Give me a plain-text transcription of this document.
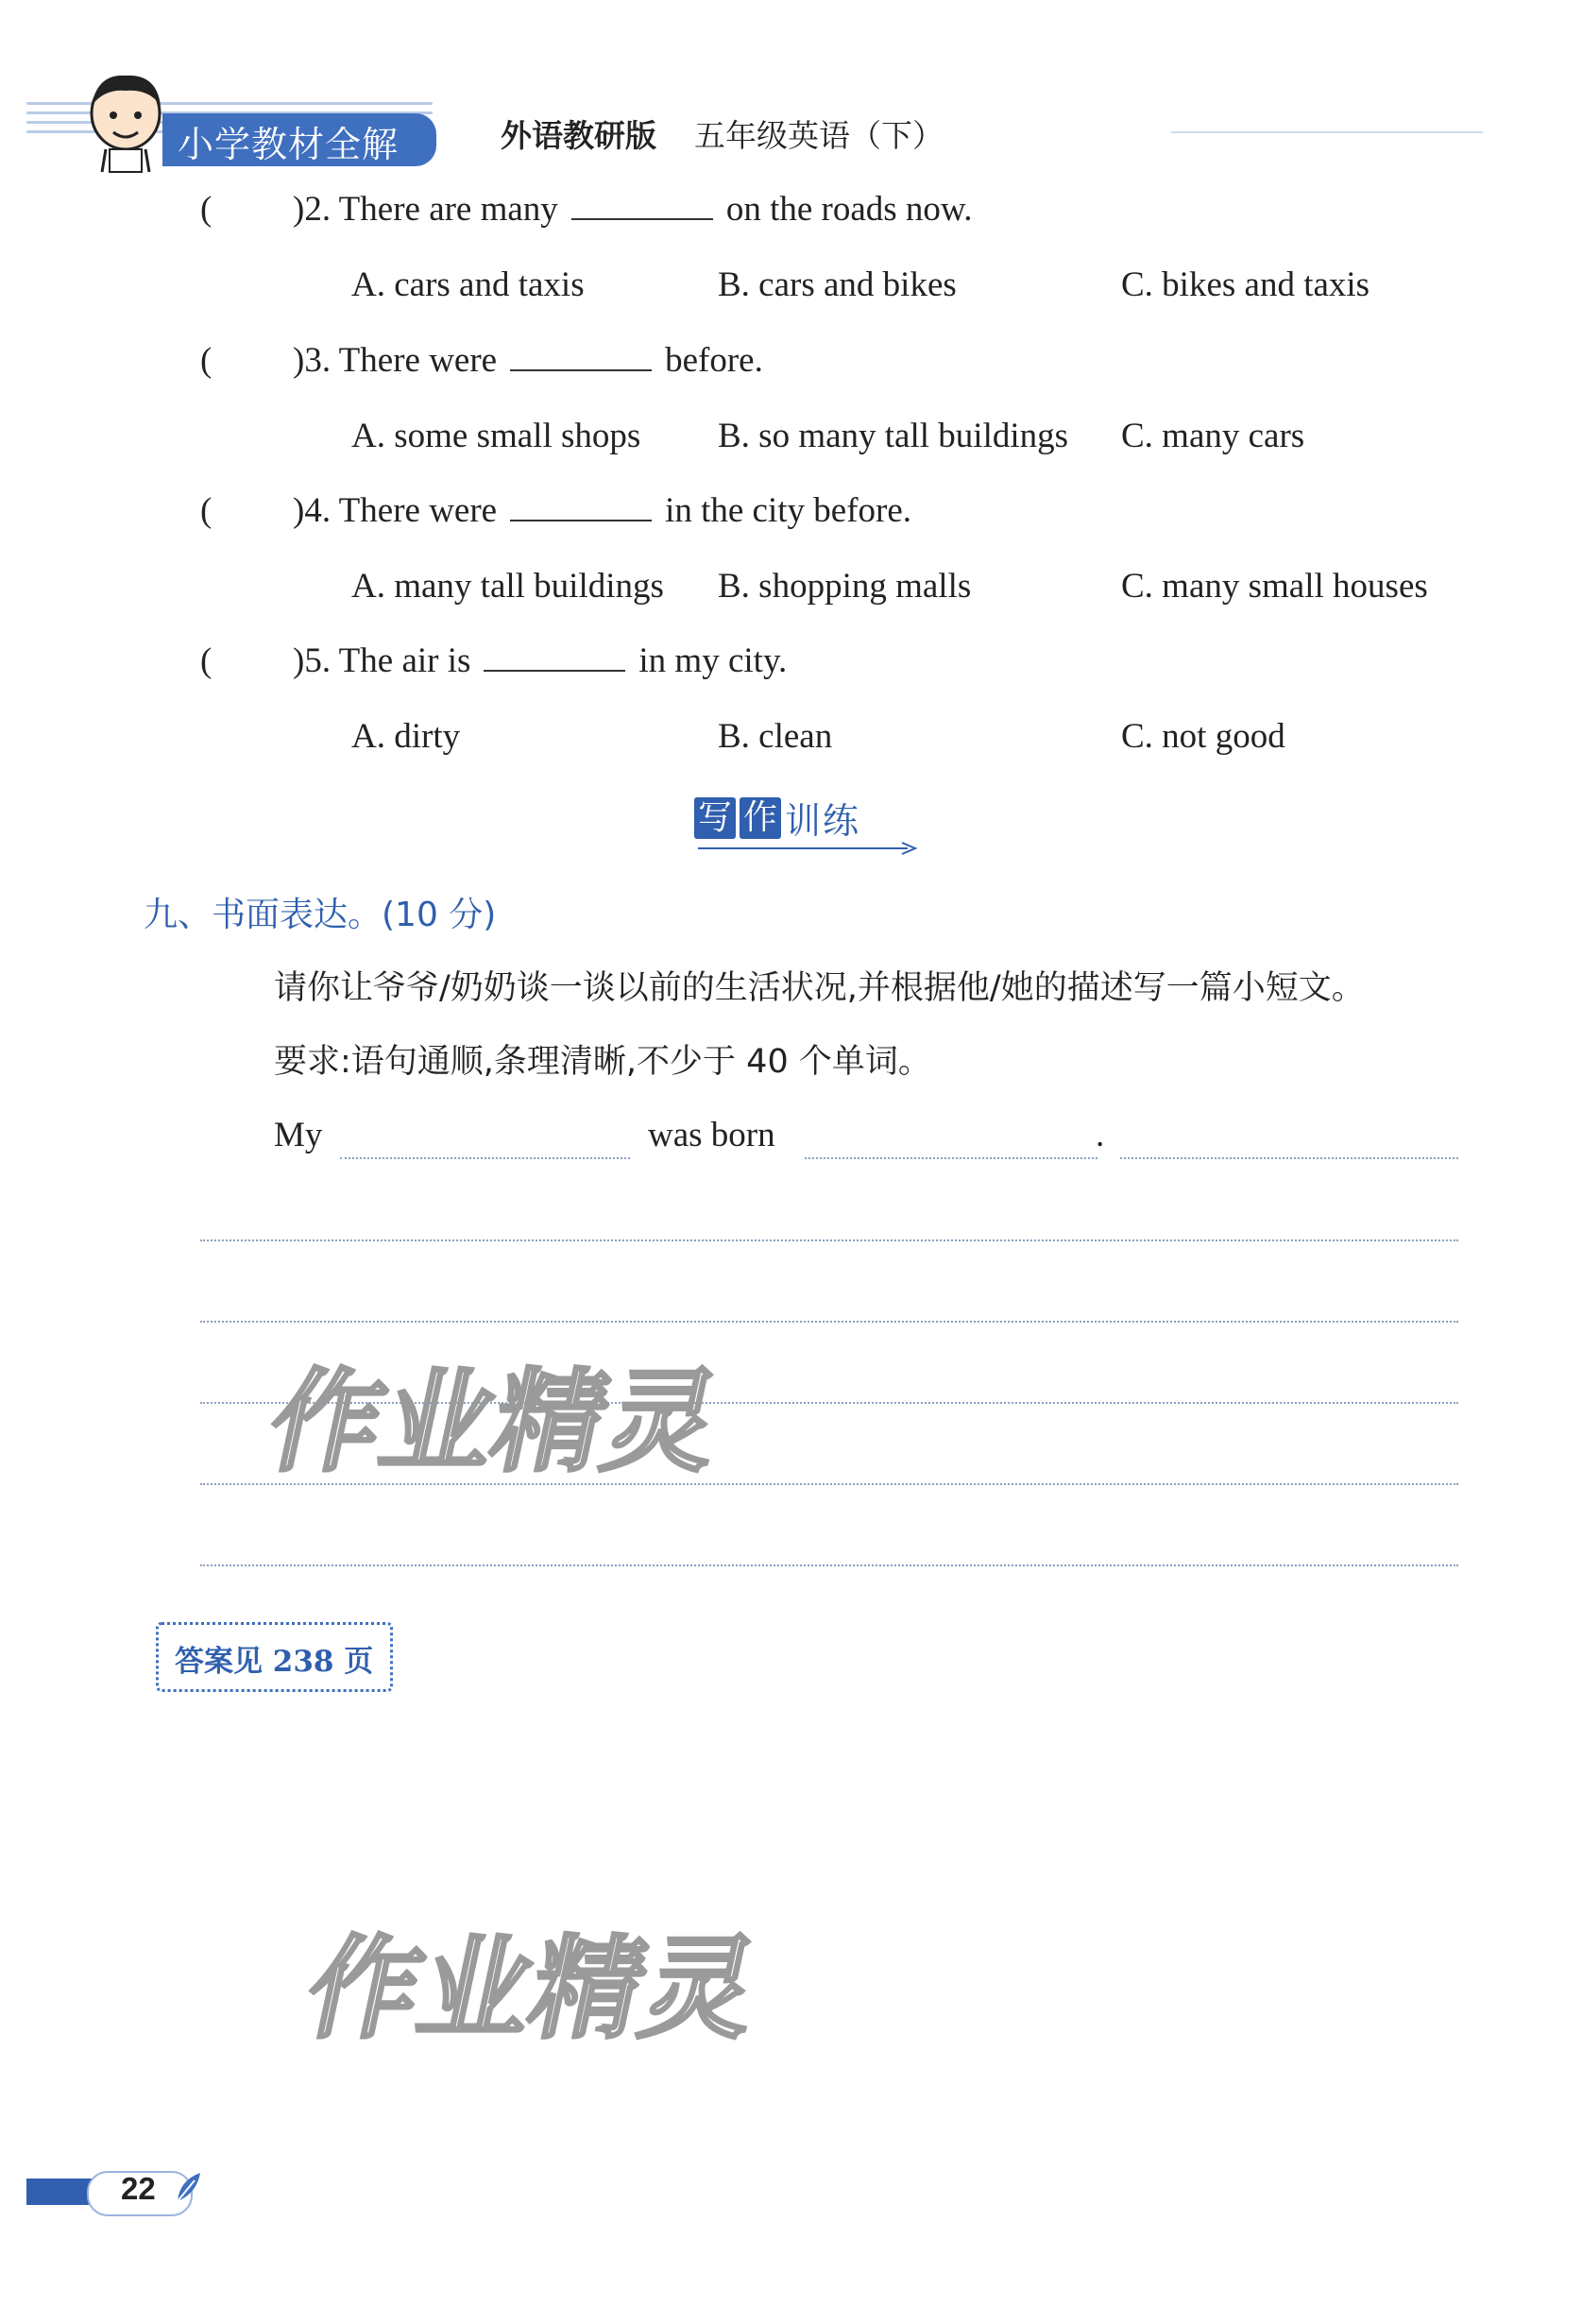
小学教材全解	外语教研版 五年级英语（下）
( )2. There are many	on the roads now.
A. cars and taxis	B. cars and bikes	C. bikes and taxis
( )3. There were	before.
A. some small shops B. so many tall buildings C. many cars
( )4. There were	in the city before.
A. many tall buildings B. shopping malls	C. many small houses
( )5. The air is	in my city.
A. dirty	B. clean	C. not good
写 作 训练
九、书面表达。(10 分)
请你让爷爷/奶奶谈一谈以前的生活状况,并根据他/她的描述写一篇小短文。
要求:语句通顺,条理清晰,不少于 40 个单词。
My	was born	.
作业精灵
作业精灵
答案见 238 页
22
